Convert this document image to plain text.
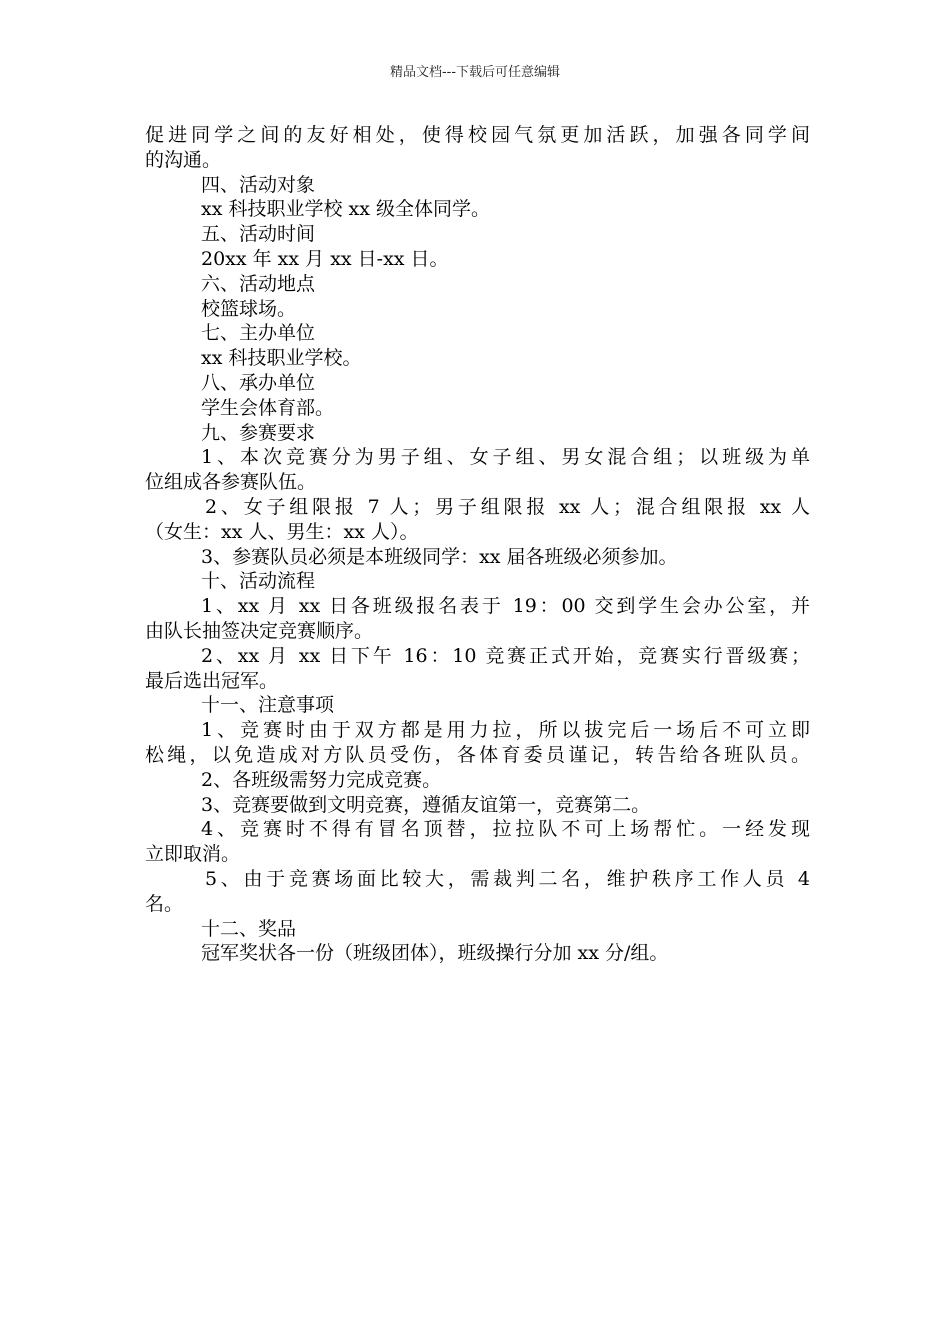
精品文档---下载后可任意编辑
促进同学之间的友好相处，使得校园气氛更加活跃，加强各同学间
的沟通。
四、活动对象
xx 科技职业学校 xx 级全体同学。
五、活动时间
20xx 年 xx 月 xx 日-xx 日。
六、活动地点
校篮球场。
七、主办单位
xx 科技职业学校。
八、承办单位
学生会体育部。
九、参赛要求
1、本次竞赛分为男子组、女子组、男女混合组；以班级为单
位组成各参赛队伍。
2、女子组限报 7 人；男子组限报 xx 人；混合组限报 xx 人
（女生：xx 人、男生：xx 人）。
3、参赛队员必须是本班级同学：xx 届各班级必须参加。
十、活动流程
1、xx 月 xx 日各班级报名表于 19：00 交到学生会办公室，并
由队长抽签决定竞赛顺序。
2、xx 月 xx 日下午 16：10 竞赛正式开始，竞赛实行晋级赛；
最后选出冠军。
十一、注意事项
1、竞赛时由于双方都是用力拉，所以拔完后一场后不可立即
松绳，以免造成对方队员受伤，各体育委员谨记，转告给各班队员。
2、各班级需努力完成竞赛。
3、竞赛要做到文明竞赛，遵循友谊第一，竞赛第二。
4、竞赛时不得有冒名顶替，拉拉队不可上场帮忙。一经发现
立即取消。
5、由于竞赛场面比较大，需裁判二名，维护秩序工作人员 4
名。
十二、奖品
冠军奖状各一份（班级团体），班级操行分加 xx 分/组。
